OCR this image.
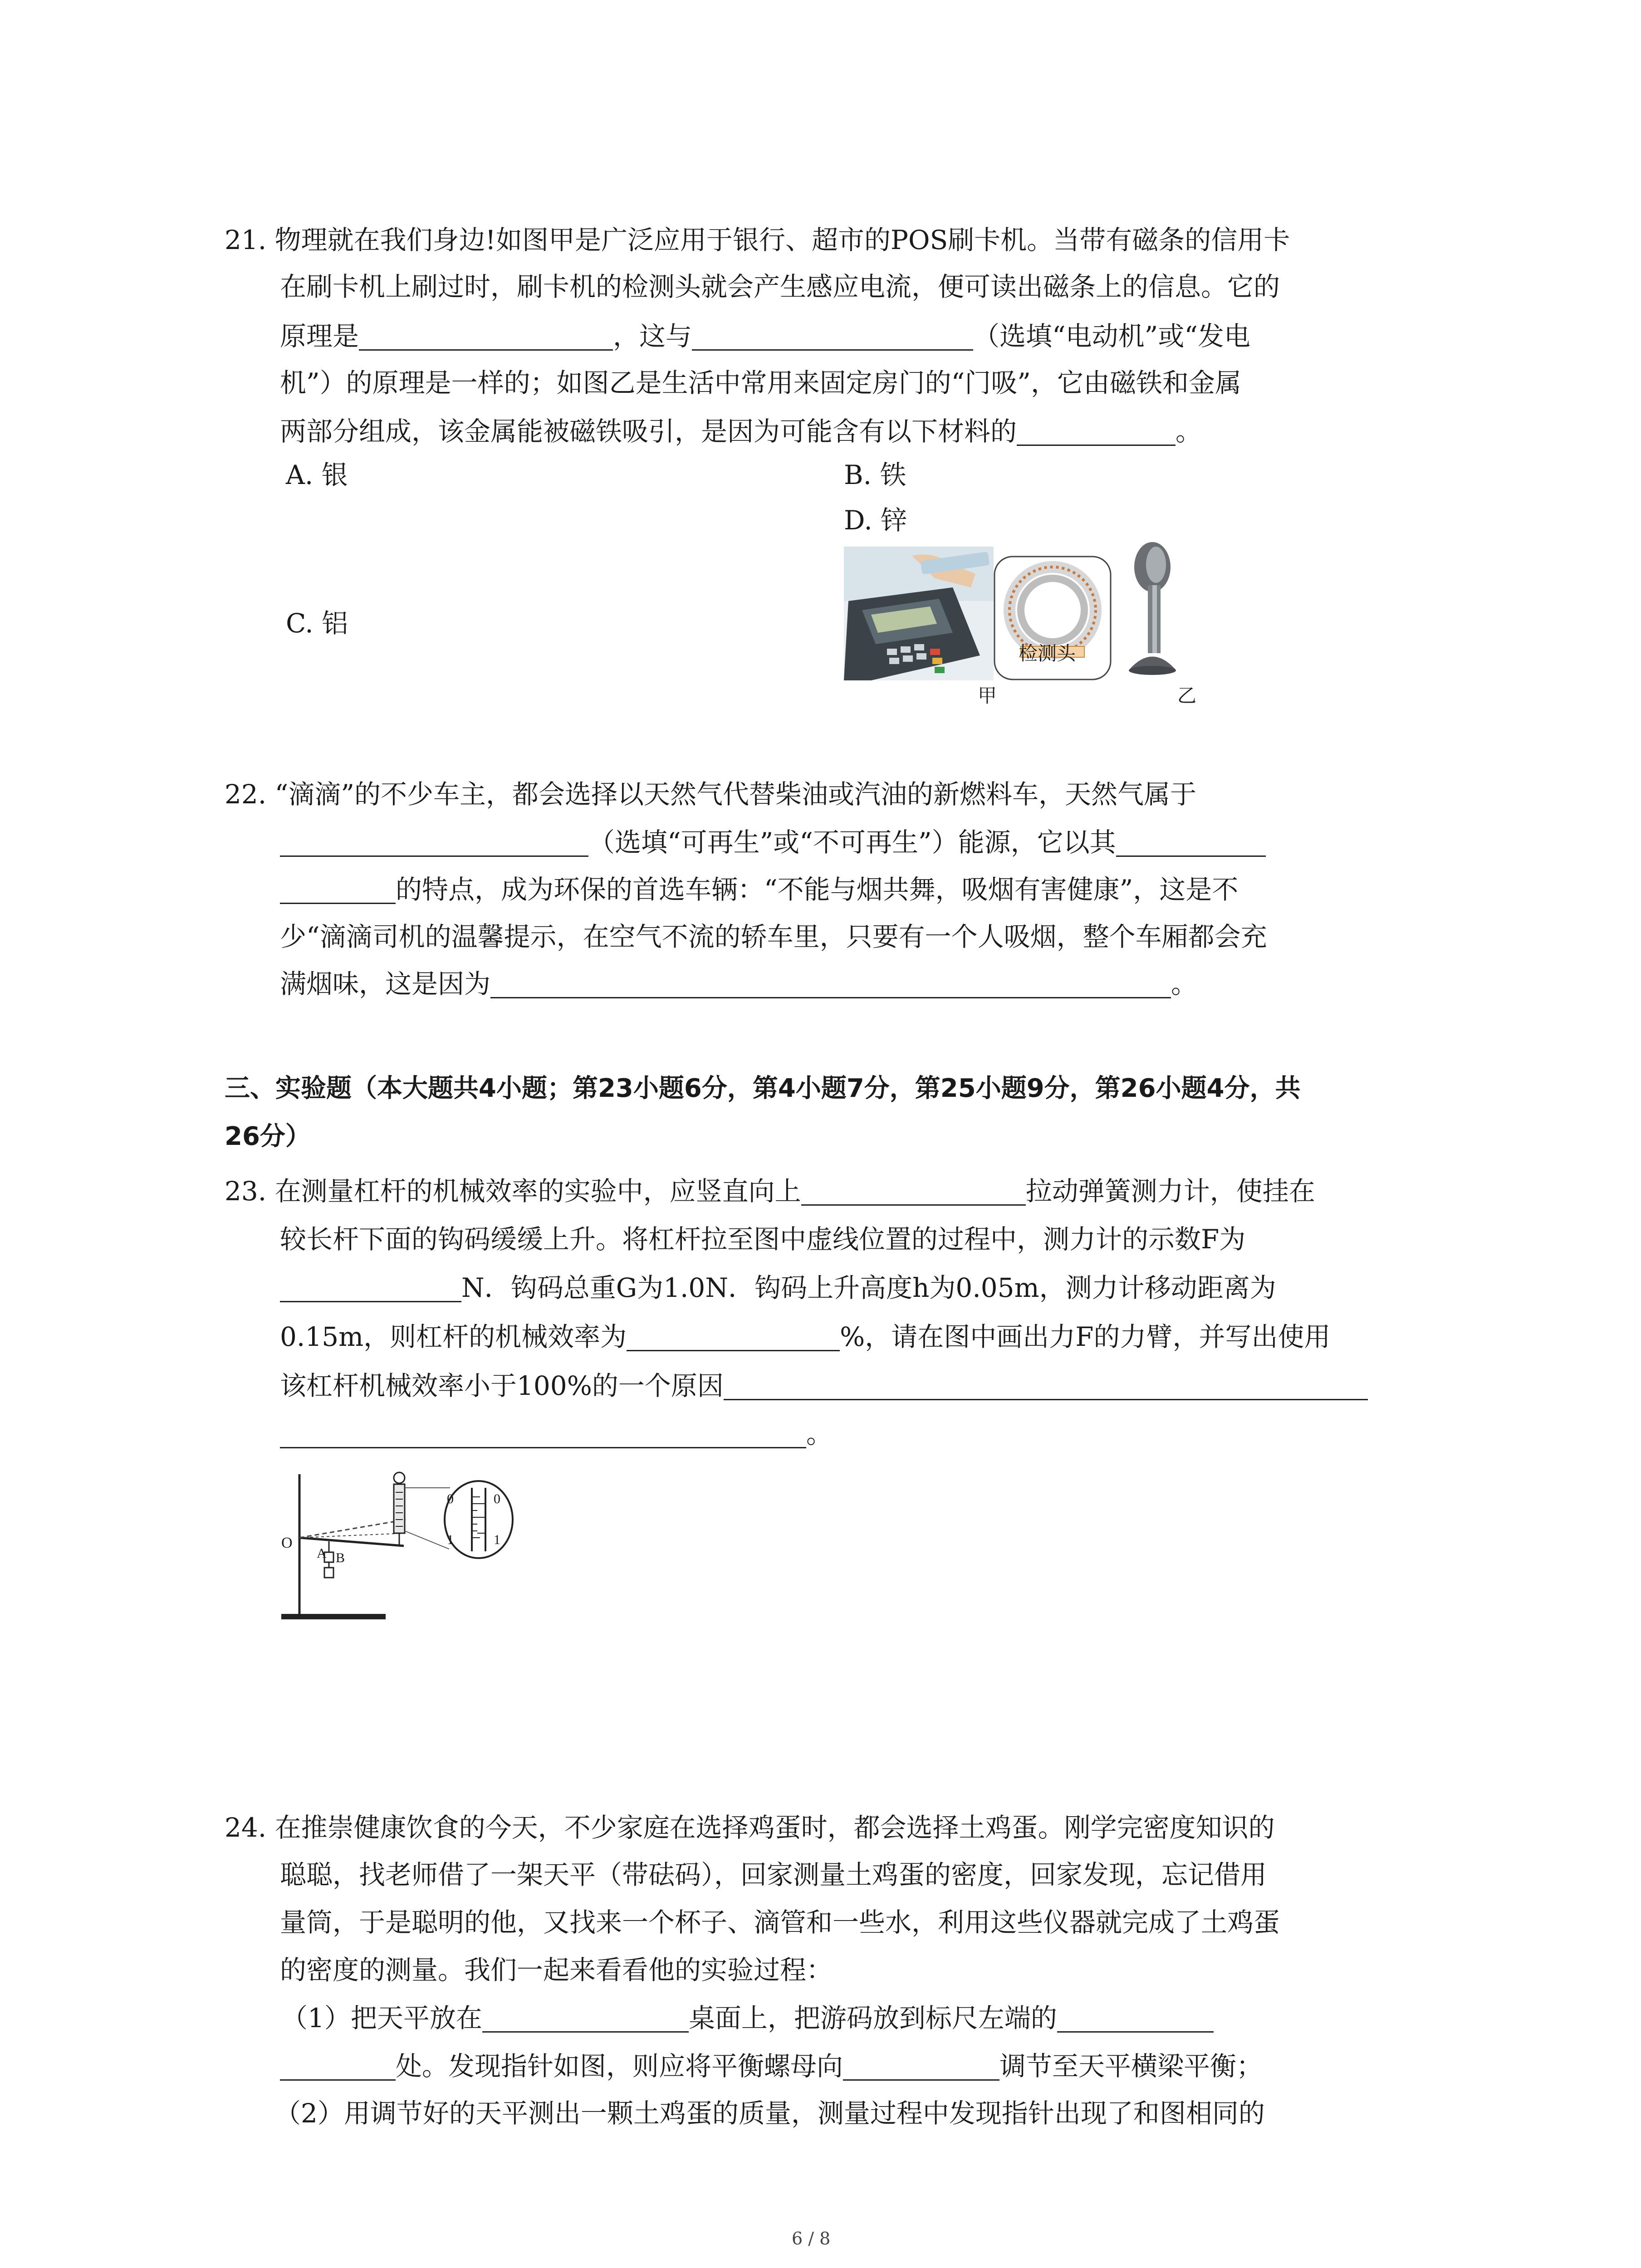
21. 物理就在我们身边!如图甲是广泛应用于银行、超市的POS刷卡机。当带有磁条的信用卡
在刷卡机上刷过时，刷卡机的检测头就会产生感应电流，便可读出磁条上的信息。它的
原理是	，这与	（选填“电动机”或“发电
机”）的原理是一样的；如图乙是生活中常用来固定房门的“门吸”，它由磁铁和金属
两部分组成，该金属能被磁铁吸引，是因为可能含有以下材料的	。
A. 银	B. 铁
D. 锌
C. 铝
检测头
甲	乙
22. “滴滴”的不少车主，都会选择以天然气代替柴油或汽油的新燃料车，天然气属于
（选填“可再生”或“不可再生”）能源，它以其
的特点，成为环保的首选车辆：“不能与烟共舞，吸烟有害健康”，这是不
少“滴滴司机的温馨提示，在空气不流的轿车里，只要有一个人吸烟，整个车厢都会充
满烟味，这是因为	。
三、实验题（本大题共4小题；第23小题6分，第4小题7分，第25小题9分，第26小题4分，共
26分）
23. 在测量杠杆的机械效率的实验中，应竖直向上	拉动弹簧测力计，使挂在
较长杆下面的钩码缓缓上升。将杠杆拉至图中虚线位置的过程中，测力计的示数F为
N．钩码总重G为1.0N．钩码上升高度h为0.05m，测力计移动距离为
0.15m，则杠杆的机械效率为	%，请在图中画出力F的力臂，并写出使用
该杠杆机械效率小于100%的一个原因
。
O
A B
0	0
1	1
24. 在推崇健康饮食的今天，不少家庭在选择鸡蛋时，都会选择土鸡蛋。刚学完密度知识的
聪聪，找老师借了一架天平（带砝码），回家测量土鸡蛋的密度，回家发现，忘记借用
量筒，于是聪明的他，又找来一个杯子、滴管和一些水，利用这些仪器就完成了土鸡蛋
的密度的测量。我们一起来看看他的实验过程：
（1）把天平放在	桌面上，把游码放到标尺左端的
处。发现指针如图，则应将平衡螺母向	调节至天平横梁平衡；
（2）用调节好的天平测出一颗土鸡蛋的质量，测量过程中发现指针出现了和图相同的
6 / 8
